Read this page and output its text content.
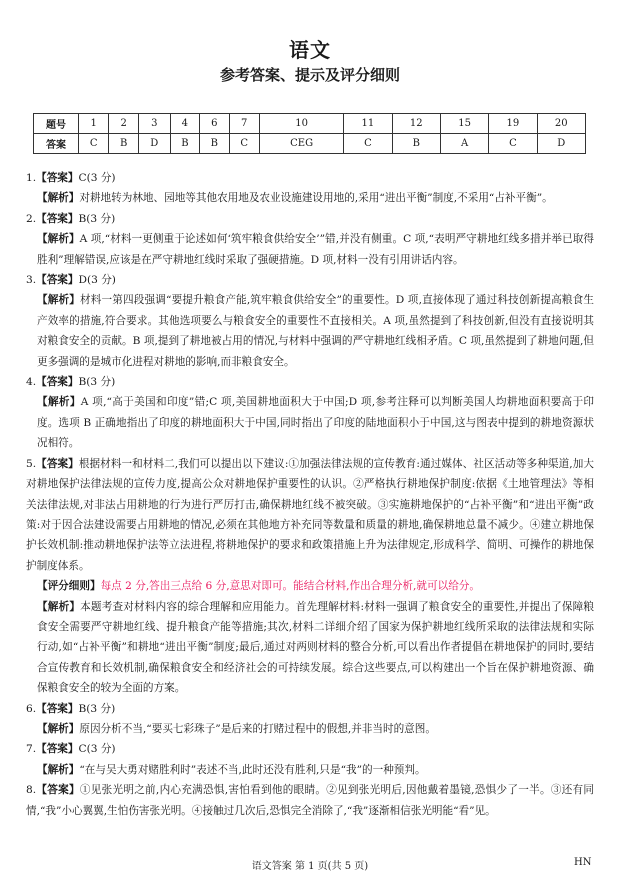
语文
参考答案、提示及评分细则
题号	1	2	3	4	6	7	10	11	12	15	19	20
答案	C	B	D	B	B	C	CEG	C	B	A	C	D

1.【答案】C(3 分)

【解析】对耕地转为林地、园地等其他农用地及农业设施建设用地的,采用“进出平衡”制度,不采用“占补平衡”。

2.【答案】B(3 分)

【解析】A 项,“材料一更侧重于论述如何‘筑牢粮食供给安全’”错,并没有侧重。C 项,“表明严守耕地红线多措并举已取得胜利”理解错误,应该是在严守耕地红线时采取了强硬措施。D 项,材料一没有引用讲话内容。

3.【答案】D(3 分)

【解析】材料一第四段强调“要提升粮食产能,筑牢粮食供给安全”的重要性。D 项,直接体现了通过科技创新提高粮食生产效率的措施,符合要求。其他选项要么与粮食安全的重要性不直接相关。A 项,虽然提到了科技创新,但没有直接说明其对粮食安全的贡献。B 项,提到了耕地被占用的情况,与材料中强调的严守耕地红线相矛盾。C 项,虽然提到了耕地问题,但更多强调的是城市化进程对耕地的影响,而非粮食安全。

4.【答案】B(3 分)

【解析】A 项,“高于美国和印度”错;C 项,美国耕地面积大于中国;D 项,参考注释可以判断美国人均耕地面积要高于印度。选项 B 正确地指出了印度的耕地面积大于中国,同时指出了印度的陆地面积小于中国,这与图表中提到的耕地资源状况相符。

5.【答案】根据材料一和材料二,我们可以提出以下建议:①加强法律法规的宣传教育:通过媒体、社区活动等多种渠道,加大对耕地保护法律法规的宣传力度,提高公众对耕地保护重要性的认识。②严格执行耕地保护制度:依据《土地管理法》等相关法律法规,对非法占用耕地的行为进行严厉打击,确保耕地红线不被突破。③实施耕地保护的“占补平衡”和“进出平衡”政策:对于因合法建设需要占用耕地的情况,必须在其他地方补充同等数量和质量的耕地,确保耕地总量不减少。④建立耕地保护长效机制:推动耕地保护法等立法进程,将耕地保护的要求和政策措施上升为法律规定,形成科学、简明、可操作的耕地保护制度体系。

【评分细则】每点 2 分,答出三点给 6 分,意思对即可。能结合材料,作出合理分析,就可以给分。

【解析】本题考查对材料内容的综合理解和应用能力。首先理解材料:材料一强调了粮食安全的重要性,并提出了保障粮食安全需要严守耕地红线、提升粮食产能等措施;其次,材料二详细介绍了国家为保护耕地红线所采取的法律法规和实际行动,如“占补平衡”和耕地“进出平衡”制度;最后,通过对两则材料的整合分析,可以看出作者提倡在耕地保护的同时,要结合宣传教育和长效机制,确保粮食安全和经济社会的可持续发展。综合这些要点,可以构建出一个旨在保护耕地资源、确保粮食安全的较为全面的方案。

6.【答案】B(3 分)

【解析】原因分析不当,“要买七彩珠子”是后来的打赌过程中的假想,并非当时的意图。

7.【答案】C(3 分)

【解析】“在与吴大勇对赌胜利时”表述不当,此时还没有胜利,只是“我”的一种预判。

8.【答案】①见张光明之前,内心充满恐惧,害怕看到他的眼睛。②见到张光明后,因他戴着墨镜,恐惧少了一半。③还有同情,“我”小心翼翼,生怕伤害张光明。④接触过几次后,恐惧完全消除了,“我”逐渐相信张光明能“看”见。

语文答案 第 1 页(共 5 页)	HN
